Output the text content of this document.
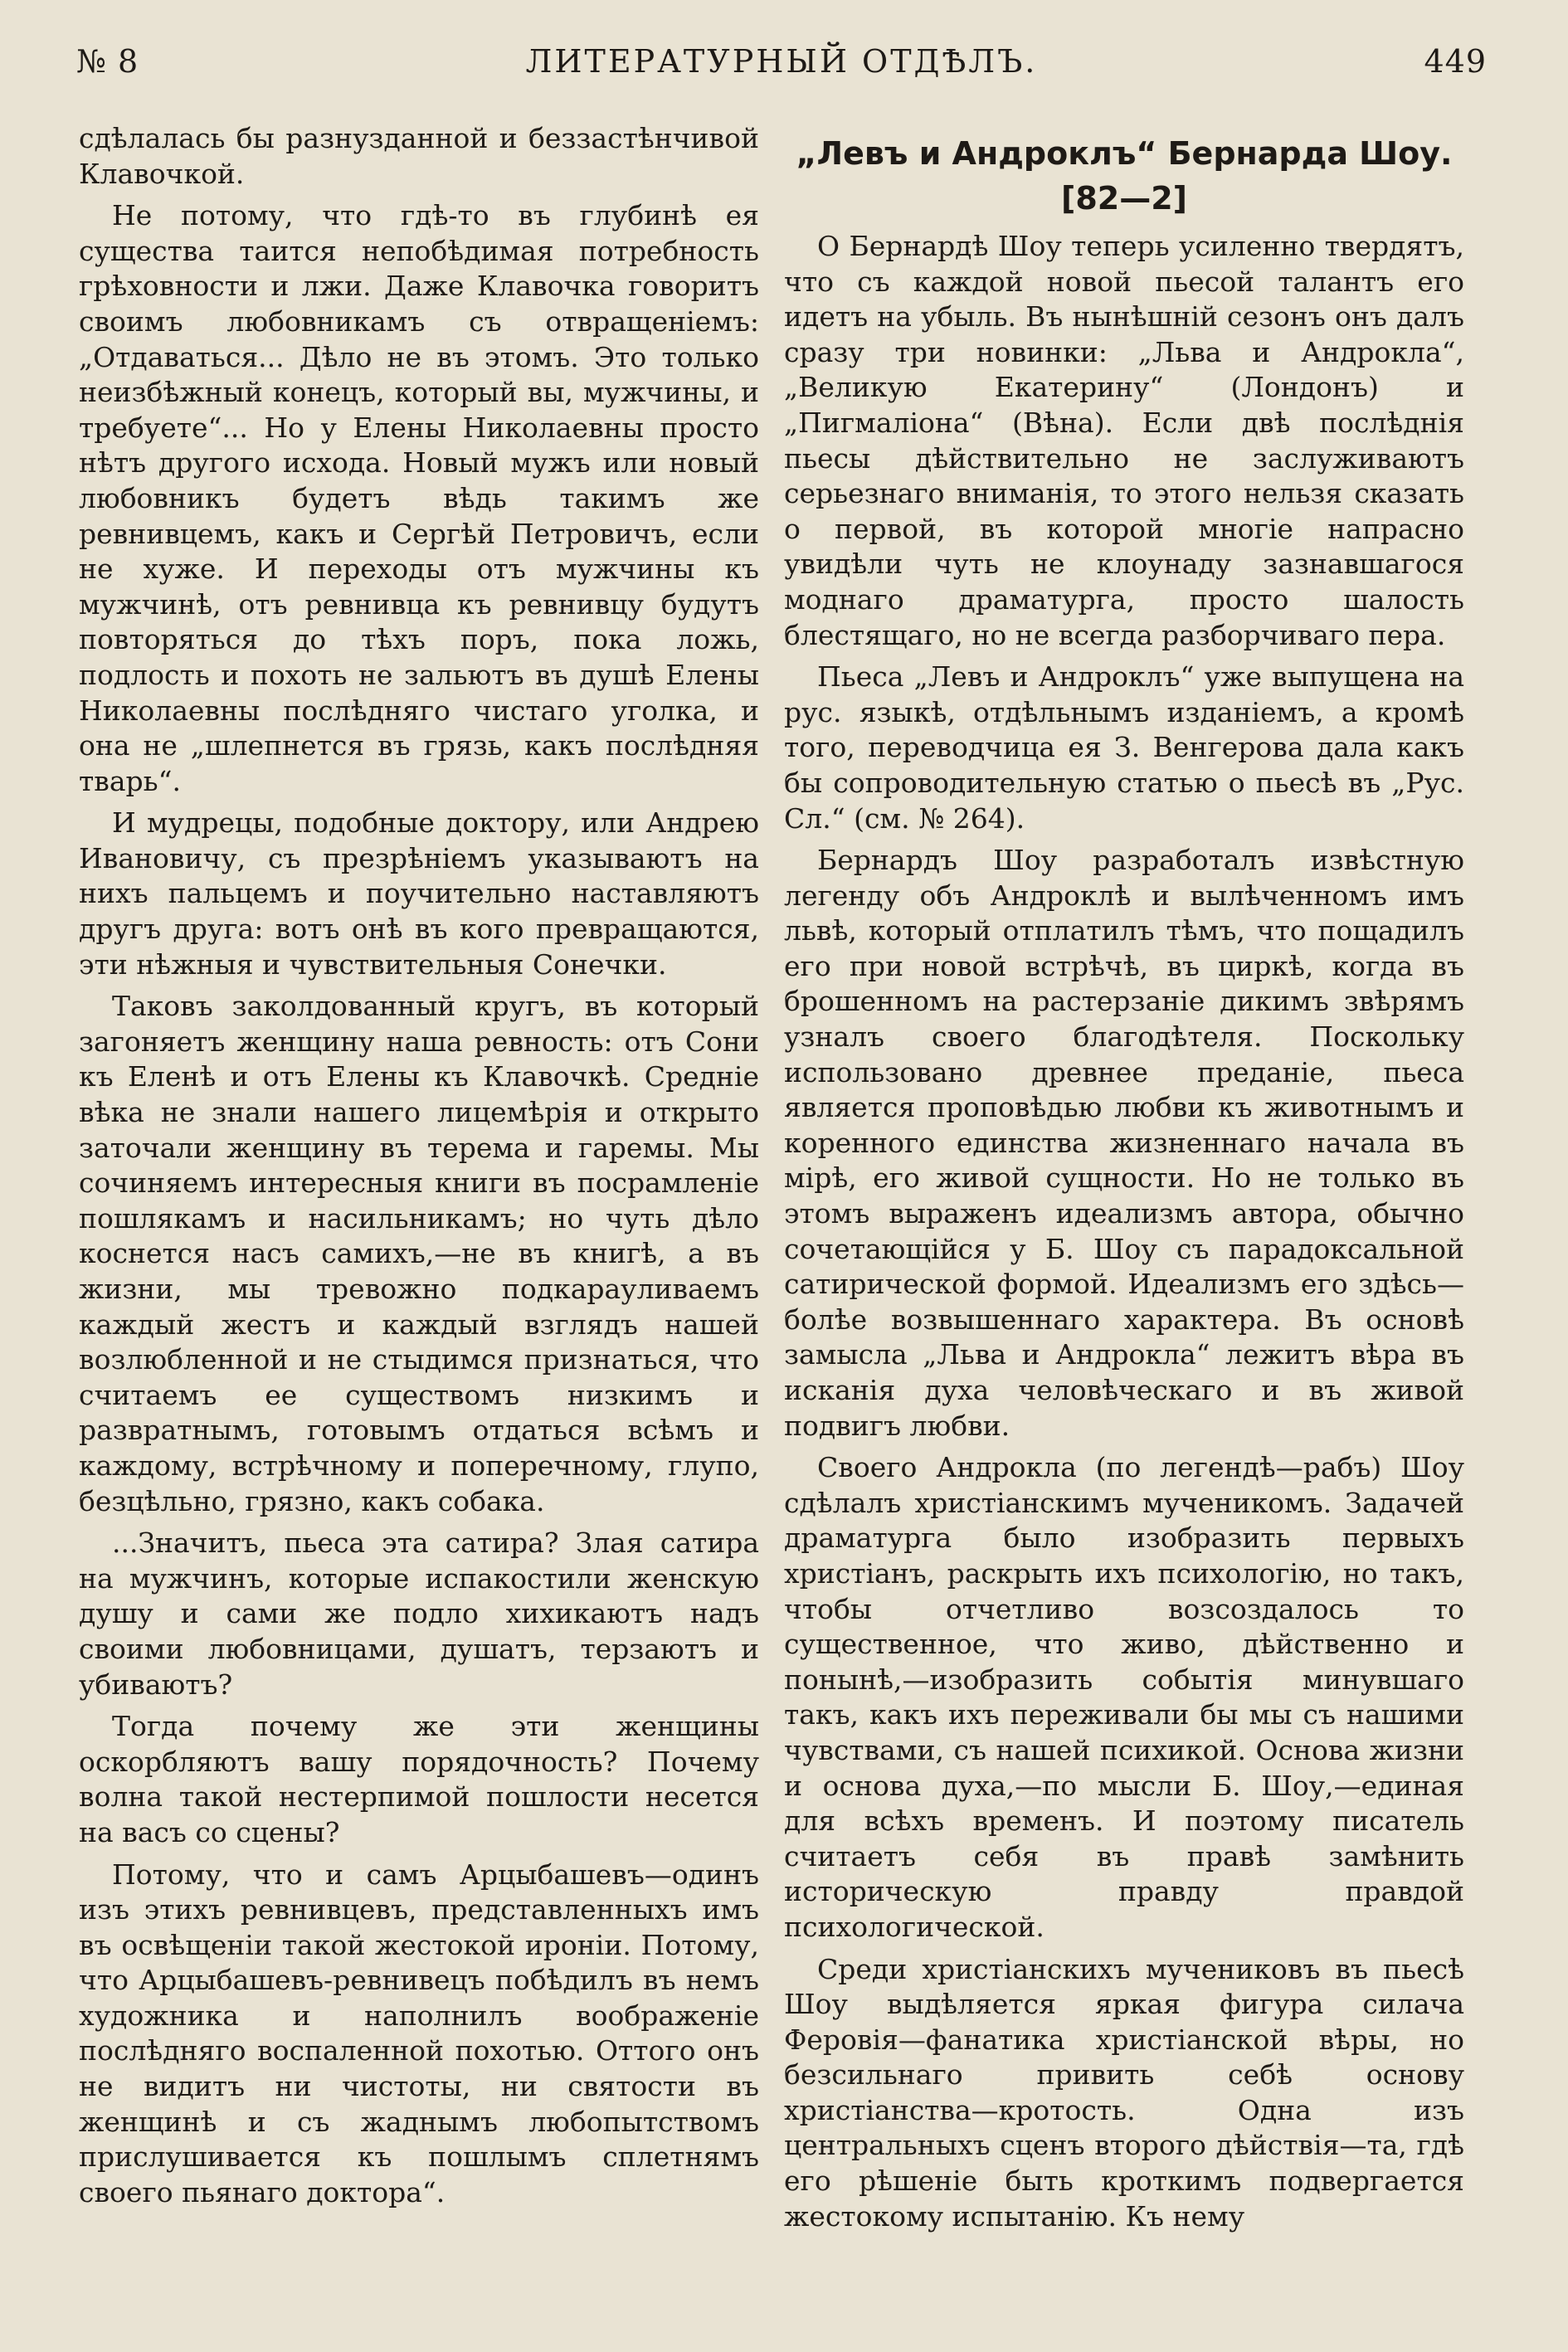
№ 8	ЛИТЕРАТУРНЫЙ ОТДѢЛЪ.	449

сдѣлалась бы разнузданной и беззастѣнчивой Клавочкой.

Не потому, что гдѣ-то въ глубинѣ ея существа таится непобѣдимая потребность грѣховности и лжи. Даже Клавочка говоритъ своимъ любовникамъ съ отвращеніемъ: „Отдаваться... Дѣло не въ этомъ. Это только неизбѣжный конецъ, который вы, мужчины, и требуете“... Но у Елены Николаевны просто нѣтъ другого исхода. Новый мужъ или новый любовникъ будетъ вѣдь такимъ же ревнивцемъ, какъ и Сергѣй Петровичъ, если не хуже. И переходы отъ мужчины къ мужчинѣ, отъ ревнивца къ ревнивцу будутъ повторяться до тѣхъ поръ, пока ложь, подлость и похоть не зальютъ въ душѣ Елены Николаевны послѣдняго чистаго уголка, и она не „шлепнется въ грязь, какъ послѣдняя тварь“.

И мудрецы, подобные доктору, или Андрею Ивановичу, съ презрѣніемъ указываютъ на нихъ пальцемъ и поучительно наставляютъ другъ друга: вотъ онѣ въ кого превращаются, эти нѣжныя и чувствительныя Сонечки.

Таковъ заколдованный кругъ, въ который загоняетъ женщину наша ревность: отъ Сони къ Еленѣ и отъ Елены къ Клавочкѣ. Средніе вѣка не знали нашего лицемѣрія и открыто заточали женщину въ терема и гаремы. Мы сочиняемъ интересныя книги въ посрамленіе пошлякамъ и насильникамъ; но чуть дѣло коснется насъ самихъ,—не въ книгѣ, а въ жизни, мы тревожно подкарауливаемъ каждый жестъ и каждый взглядъ нашей возлюбленной и не стыдимся признаться, что считаемъ ее существомъ низкимъ и развратнымъ, готовымъ отдаться всѣмъ и каждому, встрѣчному и поперечному, глупо, безцѣльно, грязно, какъ собака.

...Значитъ, пьеса эта сатира? Злая сатира на мужчинъ, которые испакостили женскую душу и сами же подло хихикаютъ надъ своими любовницами, душатъ, терзаютъ и убиваютъ?

Тогда почему же эти женщины оскорбляютъ вашу порядочность? Почему волна такой нестерпимой пошлости несется на васъ со сцены?

Потому, что и самъ Арцыбашевъ—одинъ изъ этихъ ревнивцевъ, представленныхъ имъ въ освѣщеніи такой жестокой ироніи. Потому, что Арцыбашевъ-ревнивецъ побѣдилъ въ немъ художника и наполнилъ воображеніе послѣдняго воспаленной похотью. Оттого онъ не видитъ ни чистоты, ни святости въ женщинѣ и съ жаднымъ любопытствомъ прислушивается къ пошлымъ сплетнямъ своего пьянаго доктора“.

„Левъ и Андроклъ“ Бернарда Шоу.
[82—2]

О Бернардѣ Шоу теперь усиленно твердятъ, что съ каждой новой пьесой талантъ его идетъ на убыль. Въ нынѣшній сезонъ онъ далъ сразу три новинки: „Льва и Андрокла“, „Великую Екатерину“ (Лондонъ) и „Пигмаліона“ (Вѣна). Если двѣ послѣднія пьесы дѣйствительно не заслуживаютъ серьезнаго вниманія, то этого нельзя сказать о первой, въ которой многіе напрасно увидѣли чуть не клоунаду зазнавшагося моднаго драматурга, просто шалость блестящаго, но не всегда разборчиваго пера.

Пьеса „Левъ и Андроклъ“ уже выпущена на рус. языкѣ, отдѣльнымъ изданіемъ, а кромѣ того, переводчица ея З. Венгерова дала какъ бы сопроводительную статью о пьесѣ въ „Рус. Сл.“ (см. № 264).

Бернардъ Шоу разработалъ извѣстную легенду объ Андроклѣ и вылѣченномъ имъ львѣ, который отплатилъ тѣмъ, что пощадилъ его при новой встрѣчѣ, въ циркѣ, когда въ брошенномъ на растерзаніе дикимъ звѣрямъ узналъ своего благодѣтеля. Поскольку использовано древнее преданіе, пьеса является проповѣдью любви къ животнымъ и коренного единства жизненнаго начала въ мірѣ, его живой сущности. Но не только въ этомъ выраженъ идеализмъ автора, обычно сочетающійся у Б. Шоу съ парадоксальной сатирической формой. Идеализмъ его здѣсь—болѣе возвышеннаго характера. Въ основѣ замысла „Льва и Андрокла“ лежитъ вѣра въ исканія духа человѣческаго и въ живой подвигъ любви.

Своего Андрокла (по легендѣ—рабъ) Шоу сдѣлалъ христіанскимъ мученикомъ. Задачей драматурга было изобразить первыхъ христіанъ, раскрыть ихъ психологію, но такъ, чтобы отчетливо возсоздалось то существенное, что живо, дѣйственно и понынѣ,—изобразить событія минувшаго такъ, какъ ихъ переживали бы мы съ нашими чувствами, съ нашей психикой. Основа жизни и основа духа,—по мысли Б. Шоу,—единая для всѣхъ временъ. И поэтому писатель считаетъ себя въ правѣ замѣнить историческую правду правдой психологической.

Среди христіанскихъ мучениковъ въ пьесѣ Шоу выдѣляется яркая фигура силача Феровія—фанатика христіанской вѣры, но безсильнаго привить себѣ основу христіанства—кротость. Одна изъ центральныхъ сценъ второго дѣйствія—та, гдѣ его рѣшеніе быть кроткимъ подвергается жестокому испытанію. Къ нему
